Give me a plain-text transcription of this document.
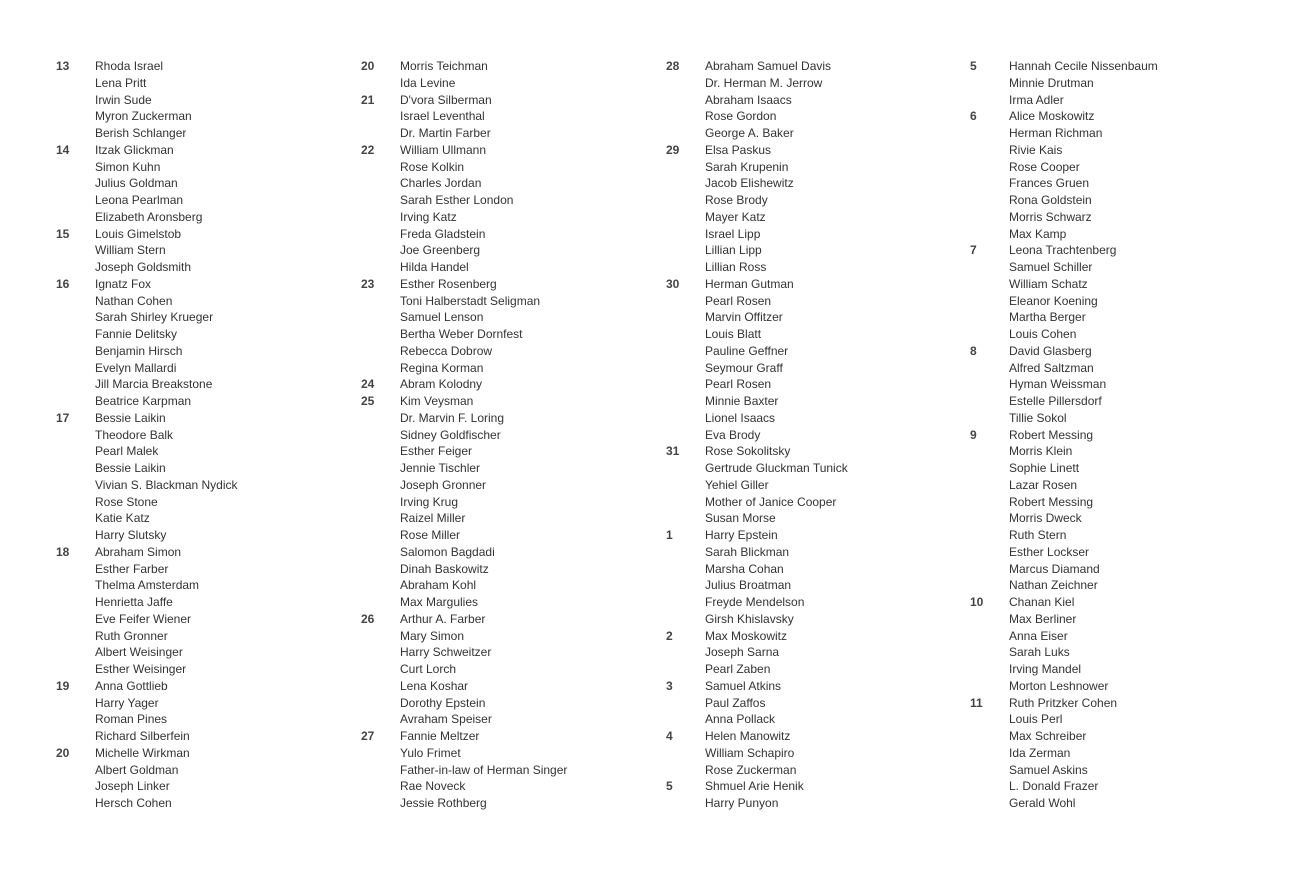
13	Rhoda Israel
Lena Pritt
Irwin Sude
Myron Zuckerman
Berish Schlanger
14	Itzak Glickman
Simon Kuhn
Julius Goldman
Leona Pearlman
Elizabeth Aronsberg
15	Louis Gimelstob
William Stern
Joseph Goldsmith
16	Ignatz Fox
Nathan Cohen
Sarah Shirley Krueger
Fannie Delitsky
Benjamin Hirsch
Evelyn Mallardi
Jill Marcia Breakstone
Beatrice Karpman
17	Bessie Laikin
Theodore Balk
Pearl Malek
Bessie Laikin
Vivian S. Blackman Nydick
Rose Stone
Katie Katz
Harry Slutsky
18	Abraham Simon
Esther Farber
Thelma Amsterdam
Henrietta Jaffe
Eve Feifer Wiener
Ruth Gronner
Albert Weisinger
Esther Weisinger
19	Anna Gottlieb
Harry Yager
Roman Pines
Richard Silberfein
20	Michelle Wirkman
Albert Goldman
Joseph Linker
Hersch Cohen
20	Morris Teichman
Ida Levine
21	D'vora Silberman
Israel Leventhal
Dr. Martin Farber
22	William Ullmann
Rose Kolkin
Charles Jordan
Sarah Esther London
Irving Katz
Freda Gladstein
Joe Greenberg
Hilda Handel
23	Esther Rosenberg
Toni Halberstadt Seligman
Samuel Lenson
Bertha Weber Dornfest
Rebecca Dobrow
Regina Korman
24	Abram Kolodny
25	Kim Veysman
Dr. Marvin F. Loring
Sidney Goldfischer
Esther Feiger
Jennie Tischler
Joseph Gronner
Irving Krug
Raizel Miller
Rose Miller
Salomon Bagdadi
Dinah Baskowitz
Abraham Kohl
Max Margulies
26	Arthur A. Farber
Mary Simon
Harry Schweitzer
Curt Lorch
Lena Koshar
Dorothy Epstein
Avraham Speiser
27	Fannie Meltzer
Yulo Frimet
Father-in-law of Herman Singer
Rae Noveck
Jessie Rothberg
28	Abraham Samuel Davis
Dr. Herman M. Jerrow
Abraham Isaacs
Rose Gordon
George A. Baker
29	Elsa Paskus
Sarah Krupenin
Jacob Elishewitz
Rose Brody
Mayer Katz
Israel Lipp
Lillian Lipp
Lillian Ross
30	Herman Gutman
Pearl Rosen
Marvin Offitzer
Louis Blatt
Pauline Geffner
Seymour Graff
Pearl Rosen
Minnie Baxter
Lionel Isaacs
Eva Brody
31	Rose Sokolitsky
Gertrude Gluckman Tunick
Yehiel Giller
Mother of Janice Cooper
Susan Morse
1	Harry Epstein
Sarah Blickman
Marsha Cohan
Julius Broatman
Freyde Mendelson
Girsh Khislavsky
2	Max Moskowitz
Joseph Sarna
Pearl Zaben
3	Samuel Atkins
Paul Zaffos
Anna Pollack
4	Helen Manowitz
William Schapiro
Rose Zuckerman
5	Shmuel Arie Henik
Harry Punyon
5	Hannah Cecile Nissenbaum
Minnie Drutman
Irma Adler
6	Alice Moskowitz
Herman Richman
Rivie Kais
Rose Cooper
Frances Gruen
Rona Goldstein
Morris Schwarz
Max Kamp
7	Leona Trachtenberg
Samuel Schiller
William Schatz
Eleanor Koening
Martha Berger
Louis Cohen
8	David Glasberg
Alfred Saltzman
Hyman Weissman
Estelle Pillersdorf
Tillie Sokol
9	Robert Messing
Morris Klein
Sophie Linett
Lazar Rosen
Robert Messing
Morris Dweck
Ruth Stern
Esther Lockser
Marcus Diamand
Nathan Zeichner
10	Chanan Kiel
Max Berliner
Anna Eiser
Sarah Luks
Irving Mandel
Morton Leshnower
11	Ruth Pritzker Cohen
Louis Perl
Max Schreiber
Ida Zerman
Samuel Askins
L. Donald Frazer
Gerald Wohl
